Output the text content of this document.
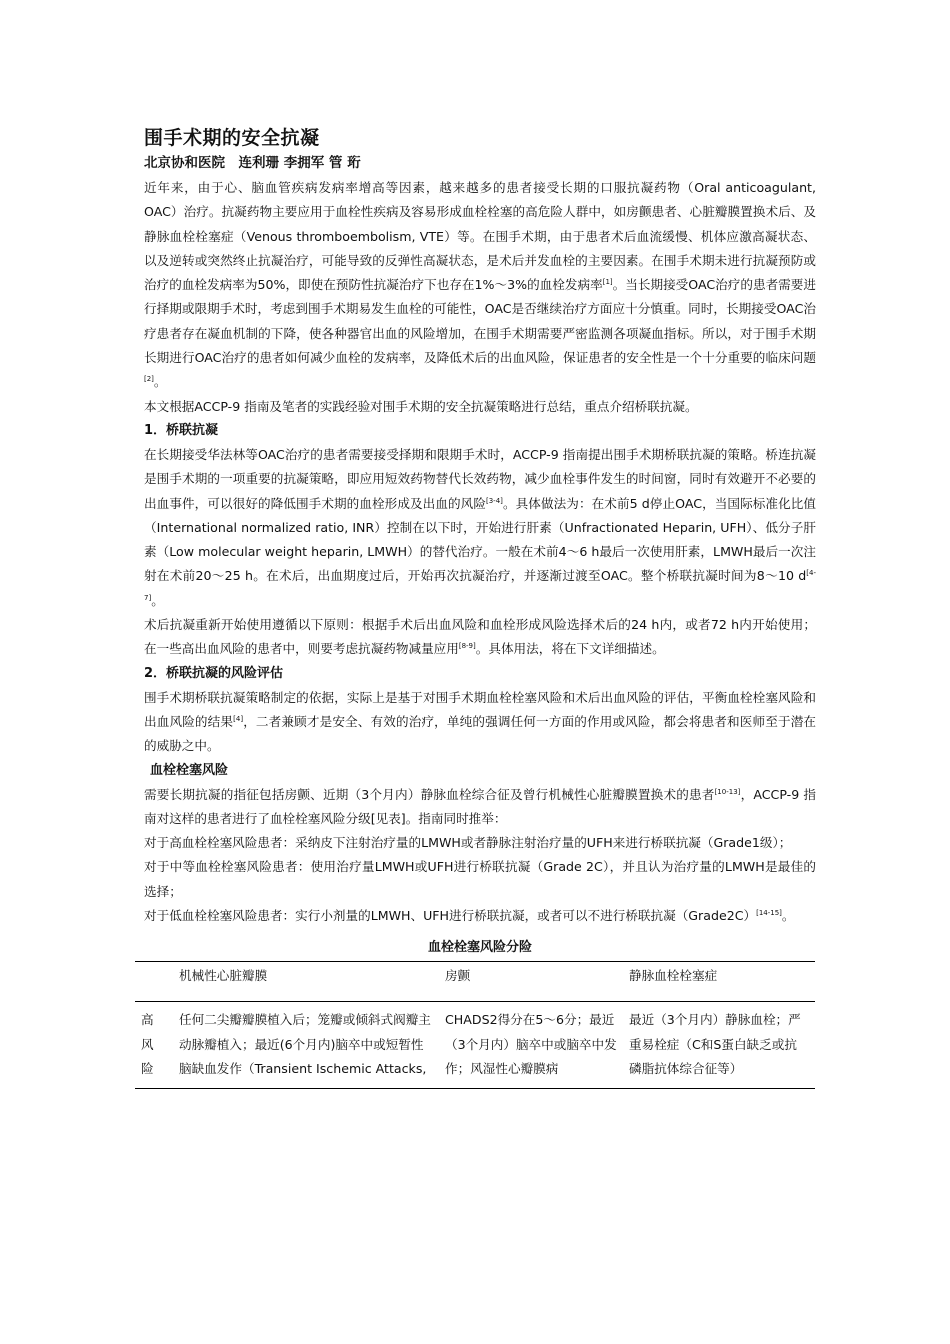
围手术期的安全抗凝
北京协和医院　连利珊 李拥军 管 珩

近年来，由于心、脑血管疾病发病率增高等因素，越来越多的患者接受长期的口服抗凝药物（Oral anticoagulant, OAC）治疗。抗凝药物主要应用于血栓性疾病及容易形成血栓栓塞的高危险人群中，如房颤患者、心脏瓣膜置换术后、及静脉血栓栓塞症（Venous thromboembolism, VTE）等。在围手术期，由于患者术后血流缓慢、机体应激高凝状态、以及逆转或突然终止抗凝治疗，可能导致的反弹性高凝状态，是术后并发血栓的主要因素。在围手术期未进行抗凝预防或治疗的血栓发病率为50%，即使在预防性抗凝治疗下也存在1%～3%的血栓发病率[1]。当长期接受OAC治疗的患者需要进行择期或限期手术时，考虑到围手术期易发生血栓的可能性，OAC是否继续治疗方面应十分慎重。同时，长期接受OAC治疗患者存在凝血机制的下降，使各种器官出血的风险增加，在围手术期需要严密监测各项凝血指标。所以，对于围手术期长期进行OAC治疗的患者如何减少血栓的发病率，及降低术后的出血风险，保证患者的安全性是一个十分重要的临床问题[2]。

本文根据ACCP-9 指南及笔者的实践经验对围手术期的安全抗凝策略进行总结，重点介绍桥联抗凝。

1．桥联抗凝

在长期接受华法林等OAC治疗的患者需要接受择期和限期手术时，ACCP-9 指南提出围手术期桥联抗凝的策略。桥连抗凝是围手术期的一项重要的抗凝策略，即应用短效药物替代长效药物，减少血栓事件发生的时间窗，同时有效避开不必要的出血事件，可以很好的降低围手术期的血栓形成及出血的风险[3-4]。具体做法为：在术前5 d停止OAC，当国际标准化比值（International normalized ratio, INR）控制在以下时，开始进行肝素（Unfractionated Heparin, UFH）、低分子肝素（Low molecular weight heparin, LMWH）的替代治疗。一般在术前4～6 h最后一次使用肝素，LMWH最后一次注射在术前20～25 h。在术后，出血期度过后，开始再次抗凝治疗，并逐渐过渡至OAC。整个桥联抗凝时间为8～10 d[4-7]。

术后抗凝重新开始使用遵循以下原则：根据手术后出血风险和血栓形成风险选择术后的24 h内，或者72 h内开始使用；在一些高出血风险的患者中，则要考虑抗凝药物减量应用[8-9]。具体用法，将在下文详细描述。

2．桥联抗凝的风险评估

围手术期桥联抗凝策略制定的依据，实际上是基于对围手术期血栓栓塞风险和术后出血风险的评估，平衡血栓栓塞风险和出血风险的结果[4]，二者兼顾才是安全、有效的治疗，单纯的强调任何一方面的作用或风险，都会将患者和医师至于潜在的威胁之中。

血栓栓塞风险

需要长期抗凝的指征包括房颤、近期（3个月内）静脉血栓综合征及曾行机械性心脏瓣膜置换术的患者[10-13]，ACCP-9 指南对这样的患者进行了血栓栓塞风险分级[见表]。指南同时推举：

对于高血栓栓塞风险患者：采纳皮下注射治疗量的LMWH或者静脉注射治疗量的UFH来进行桥联抗凝（Grade1级）；

对于中等血栓栓塞风险患者：使用治疗量LMWH或UFH进行桥联抗凝（Grade 2C），并且认为治疗量的LMWH是最佳的选择；

对于低血栓栓塞风险患者：实行小剂量的LMWH、UFH进行桥联抗凝，或者可以不进行桥联抗凝（Grade2C）[14-15]。

血栓栓塞风险分险
	机械性心脏瓣膜	房颤	静脉血栓栓塞症

高
风
险	任何二尖瓣瓣膜植入后；笼瓣或倾斜式阀瓣主动脉瓣植入；最近(6个月内)脑卒中或短暂性脑缺血发作（Transient Ischemic Attacks,	CHADS2得分在5～6分；最近（3个月内）脑卒中或脑卒中发作；风湿性心瓣膜病	最近（3个月内）静脉血栓；严重易栓症（C和S蛋白缺乏或抗磷脂抗体综合征等）
